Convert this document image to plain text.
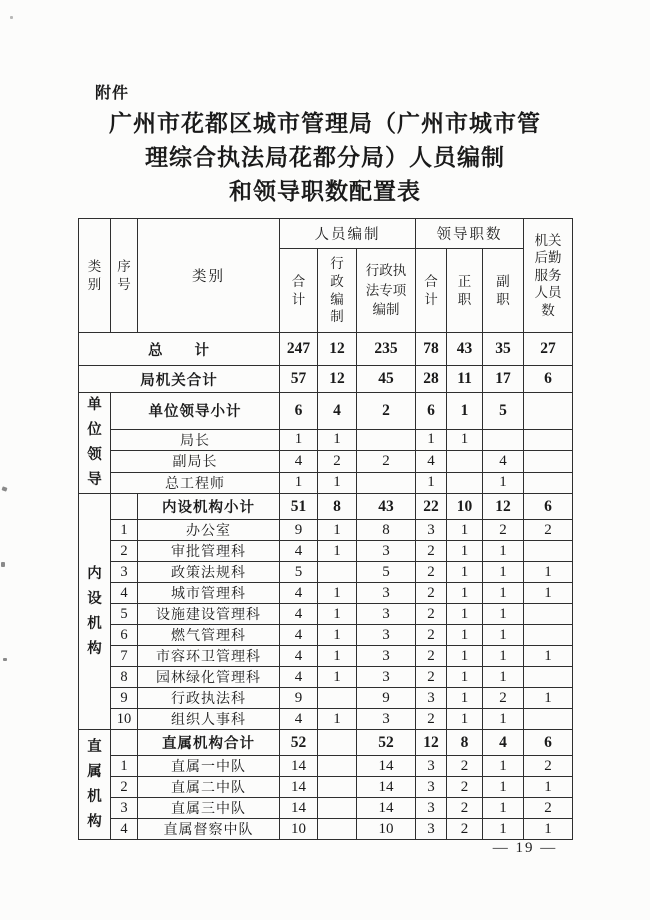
附件
广州市花都区城市管理局（广州市城市管
理综合执法局花都分局）人员编制
和领导职数配置表
类别	序号	类别	人员编制			领导职数			机关后勤服务人员数

			合计	行政编制	行政执法专项编制	合计	正职	副职	

总　　计			247	12	235	78	43	35	27
局机关合计			57	12	45	28	11	17	6

单位领导	单位领导小计		6	4	2	6	1	5	
	局长		1	1		1	1		
	副局长		4	2	2	4		4	
	总工程师		1	1		1		1	

内设机构		内设机构小计	51	8	43	22	10	12	6
	1	办公室	9	1	8	3	1	2	2
	2	审批管理科	4	1	3	2	1	1	
	3	政策法规科	5		5	2	1	1	1
	4	城市管理科	4	1	3	2	1	1	1
	5	设施建设管理科	4	1	3	2	1	1	
	6	燃气管理科	4	1	3	2	1	1	
	7	市容环卫管理科	4	1	3	2	1	1	1
	8	园林绿化管理科	4	1	3	2	1	1	
	9	行政执法科	9		9	3	1	2	1
	10	组织人事科	4	1	3	2	1	1	

直属机构		直属机构合计	52		52	12	8	4	6
	1	直属一中队	14		14	3	2	1	2
	2	直属二中队	14		14	3	2	1	1
	3	直属三中队	14		14	3	2	1	2
	4	直属督察中队	10		10	3	2	1	1
— 19 —
